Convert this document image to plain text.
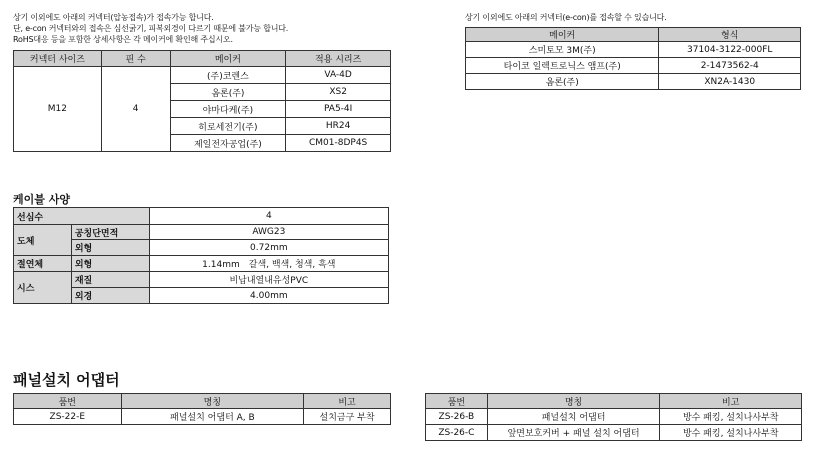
상기 이외에도 아래의 커넥터(압농접속)가 접속가능 합니다.
단, e-con 커넥터와의 접속은 심선굵기, 피복외경이 다르기 때문에 불가능 합니다.
RoHS대응 등을 포함한 상세사항은 각 메이커에 확인해 주십시오.
커넥터 사이즈	핀 수	메이커	적용 시리즈
M12	4	(주)코렌스	VA-4D
		옴론(주)	XS2
		야마다케(주)	PA5-4I
		히로세전기(주)	HR24
		제일전자공업(주)	CM01-8DP4S
상기 이외에도 아래의 커넥터(e-con)를 접속할 수 있습니다.
메이커	형식
스미토모 3M(주)	37104-3122-000FL
타이코 일렉트로닉스 앰프(주)	2-1473562-4
옴론(주)	XN2A-1430
케이블 사양
선심수		4
도체	공칭단면적	AWG23
	외형	0.72mm
절연체	외형	1.14mm　갈색, 백색, 청색, 흑색
시스	재질	비납내열내유성PVC
	외경	4.00mm
패널설치 어댑터
품번	명칭	비고
ZS-22-E	패널설치 어댑터 A, B	설치금구 부착
품번	명칭	비고
ZS-26-B	패널설치 어댑터	방수 패킹, 설치나사부착
ZS-26-C	앞면보호커버 + 패널 설치 어댑터	방수 패킹, 설치나사부착
